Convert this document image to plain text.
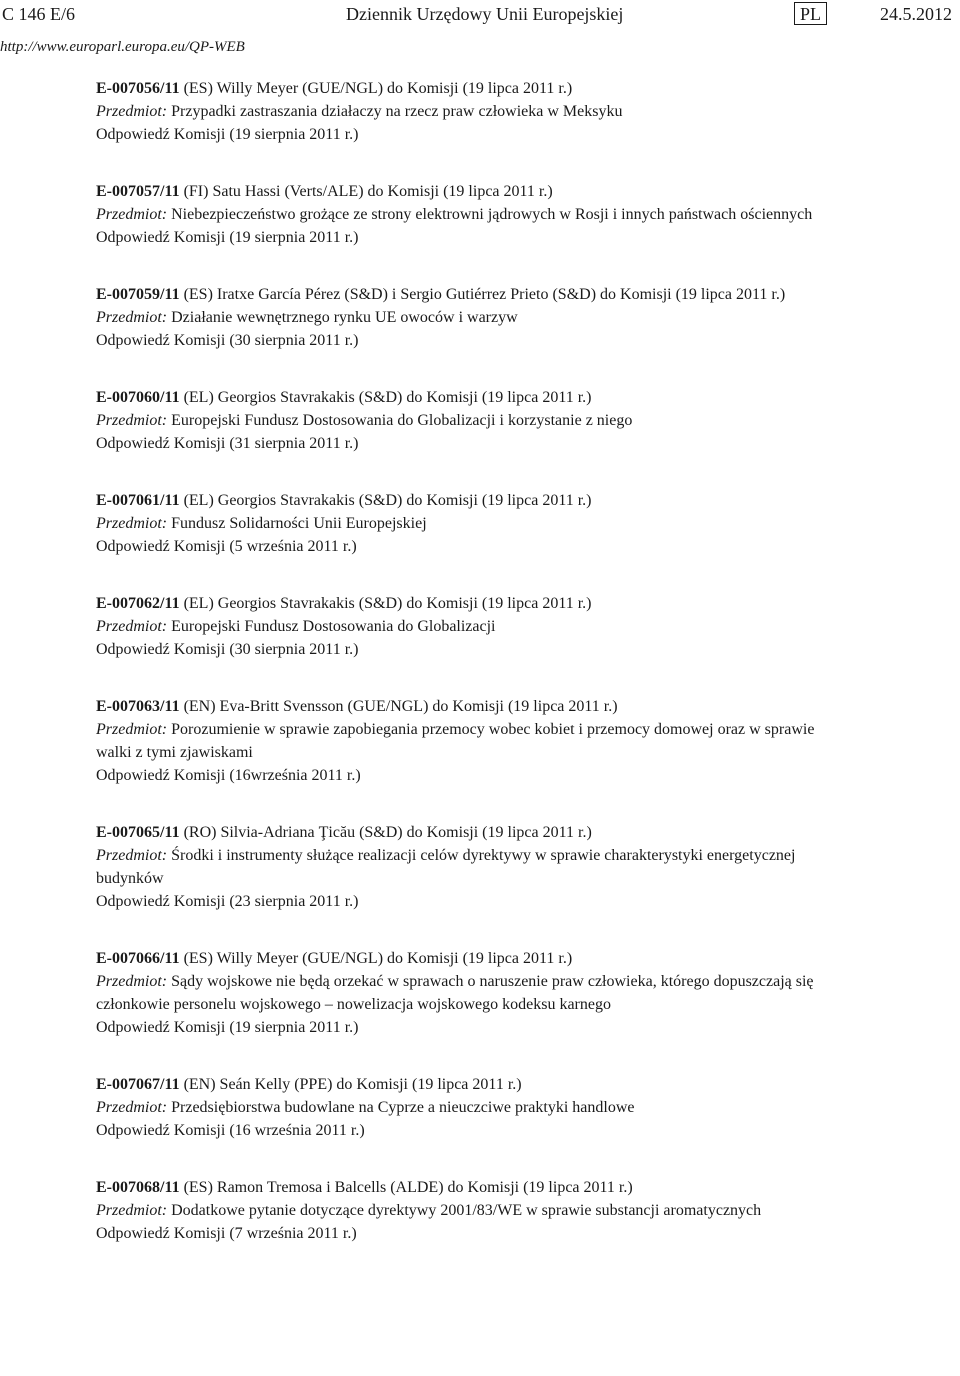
C 146 E/6	Dziennik Urzędowy Unii Europejskiej	PL	24.5.2012
http://www.europarl.europa.eu/QP-WEB

E-007056/11 (ES) Willy Meyer (GUE/NGL) do Komisji (19 lipca 2011 r.)

Przedmiot: Przypadki zastraszania działaczy na rzecz praw człowieka w Meksyku

Odpowiedź Komisji (19 sierpnia 2011 r.)

E-007057/11 (FI) Satu Hassi (Verts/ALE) do Komisji (19 lipca 2011 r.)

Przedmiot: Niebezpieczeństwo grożące ze strony elektrowni jądrowych w Rosji i innych państwach ościennych

Odpowiedź Komisji (19 sierpnia 2011 r.)

E-007059/11 (ES) Iratxe García Pérez (S&D) i Sergio Gutiérrez Prieto (S&D) do Komisji (19 lipca 2011 r.)

Przedmiot: Działanie wewnętrznego rynku UE owoców i warzyw

Odpowiedź Komisji (30 sierpnia 2011 r.)

E-007060/11 (EL) Georgios Stavrakakis (S&D) do Komisji (19 lipca 2011 r.)

Przedmiot: Europejski Fundusz Dostosowania do Globalizacji i korzystanie z niego

Odpowiedź Komisji (31 sierpnia 2011 r.)

E-007061/11 (EL) Georgios Stavrakakis (S&D) do Komisji (19 lipca 2011 r.)

Przedmiot: Fundusz Solidarności Unii Europejskiej

Odpowiedź Komisji (5 września 2011 r.)

E-007062/11 (EL) Georgios Stavrakakis (S&D) do Komisji (19 lipca 2011 r.)

Przedmiot: Europejski Fundusz Dostosowania do Globalizacji

Odpowiedź Komisji (30 sierpnia 2011 r.)

E-007063/11 (EN) Eva-Britt Svensson (GUE/NGL) do Komisji (19 lipca 2011 r.)

Przedmiot: Porozumienie w sprawie zapobiegania przemocy wobec kobiet i przemocy domowej oraz w sprawie walki z tymi zjawiskami

Odpowiedź Komisji (16września 2011 r.)

E-007065/11 (RO) Silvia-Adriana Ţicău (S&D) do Komisji (19 lipca 2011 r.)

Przedmiot: Środki i instrumenty służące realizacji celów dyrektywy w sprawie charakterystyki energetycznej budynków

Odpowiedź Komisji (23 sierpnia 2011 r.)

E-007066/11 (ES) Willy Meyer (GUE/NGL) do Komisji (19 lipca 2011 r.)

Przedmiot: Sądy wojskowe nie będą orzekać w sprawach o naruszenie praw człowieka, którego dopuszczają się członkowie personelu wojskowego – nowelizacja wojskowego kodeksu karnego

Odpowiedź Komisji (19 sierpnia 2011 r.)

E-007067/11 (EN) Seán Kelly (PPE) do Komisji (19 lipca 2011 r.)

Przedmiot: Przedsiębiorstwa budowlane na Cyprze a nieuczciwe praktyki handlowe

Odpowiedź Komisji (16 września 2011 r.)

E-007068/11 (ES) Ramon Tremosa i Balcells (ALDE) do Komisji (19 lipca 2011 r.)

Przedmiot: Dodatkowe pytanie dotyczące dyrektywy 2001/83/WE w sprawie substancji aromatycznych

Odpowiedź Komisji (7 września 2011 r.)
